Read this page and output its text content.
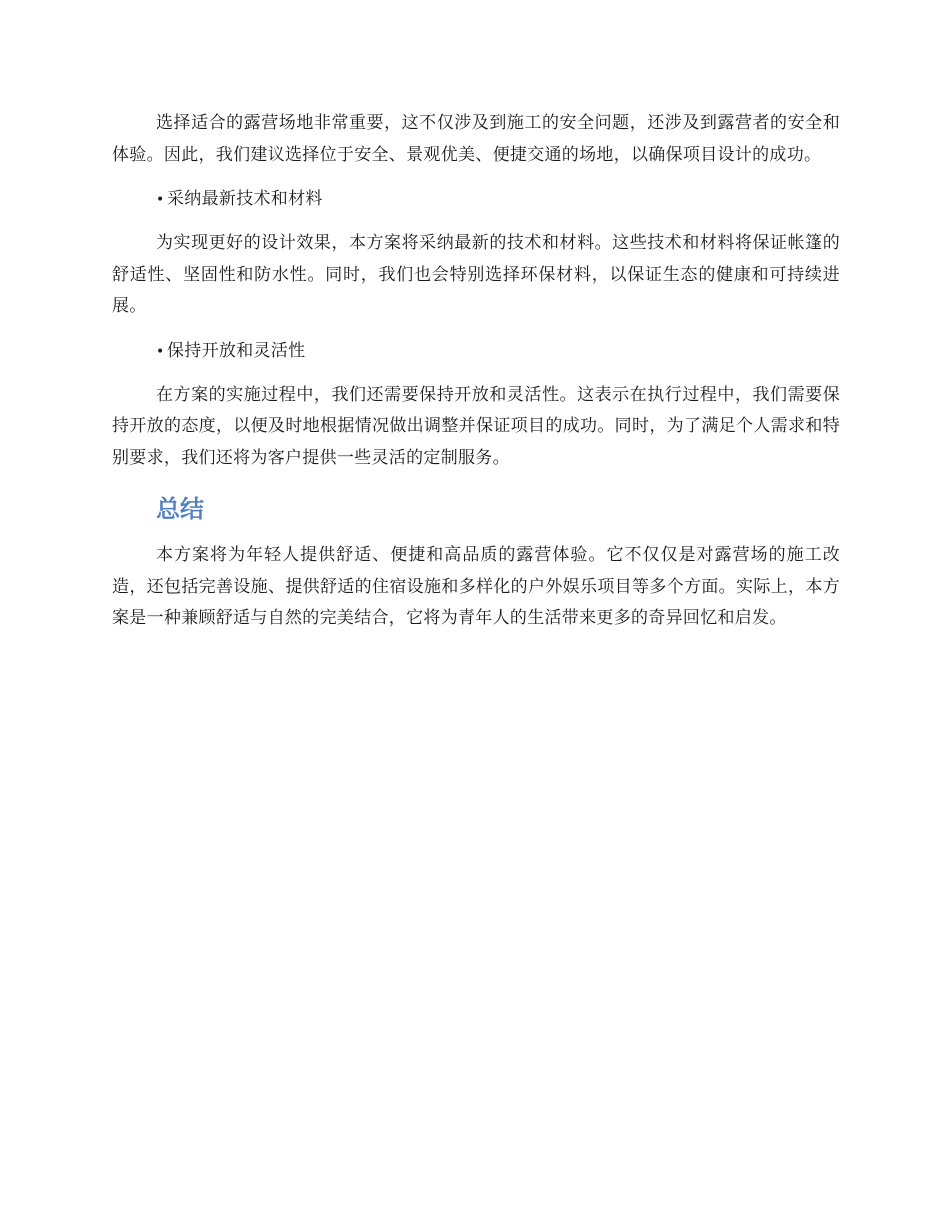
选择适合的露营场地非常重要，这不仅涉及到施工的安全问题，还涉及到露营者的安全和体验。因此，我们建议选择位于安全、景观优美、便捷交通的场地，以确保项目设计的成功。

• 采纳最新技术和材料

为实现更好的设计效果，本方案将采纳最新的技术和材料。这些技术和材料将保证帐篷的舒适性、坚固性和防水性。同时，我们也会特别选择环保材料，以保证生态的健康和可持续进展。

• 保持开放和灵活性

在方案的实施过程中，我们还需要保持开放和灵活性。这表示在执行过程中，我们需要保持开放的态度，以便及时地根据情况做出调整并保证项目的成功。同时，为了满足个人需求和特别要求，我们还将为客户提供一些灵活的定制服务。

总结

本方案将为年轻人提供舒适、便捷和高品质的露营体验。它不仅仅是对露营场的施工改造，还包括完善设施、提供舒适的住宿设施和多样化的户外娱乐项目等多个方面。实际上，本方案是一种兼顾舒适与自然的完美结合，它将为青年人的生活带来更多的奇异回忆和启发。
